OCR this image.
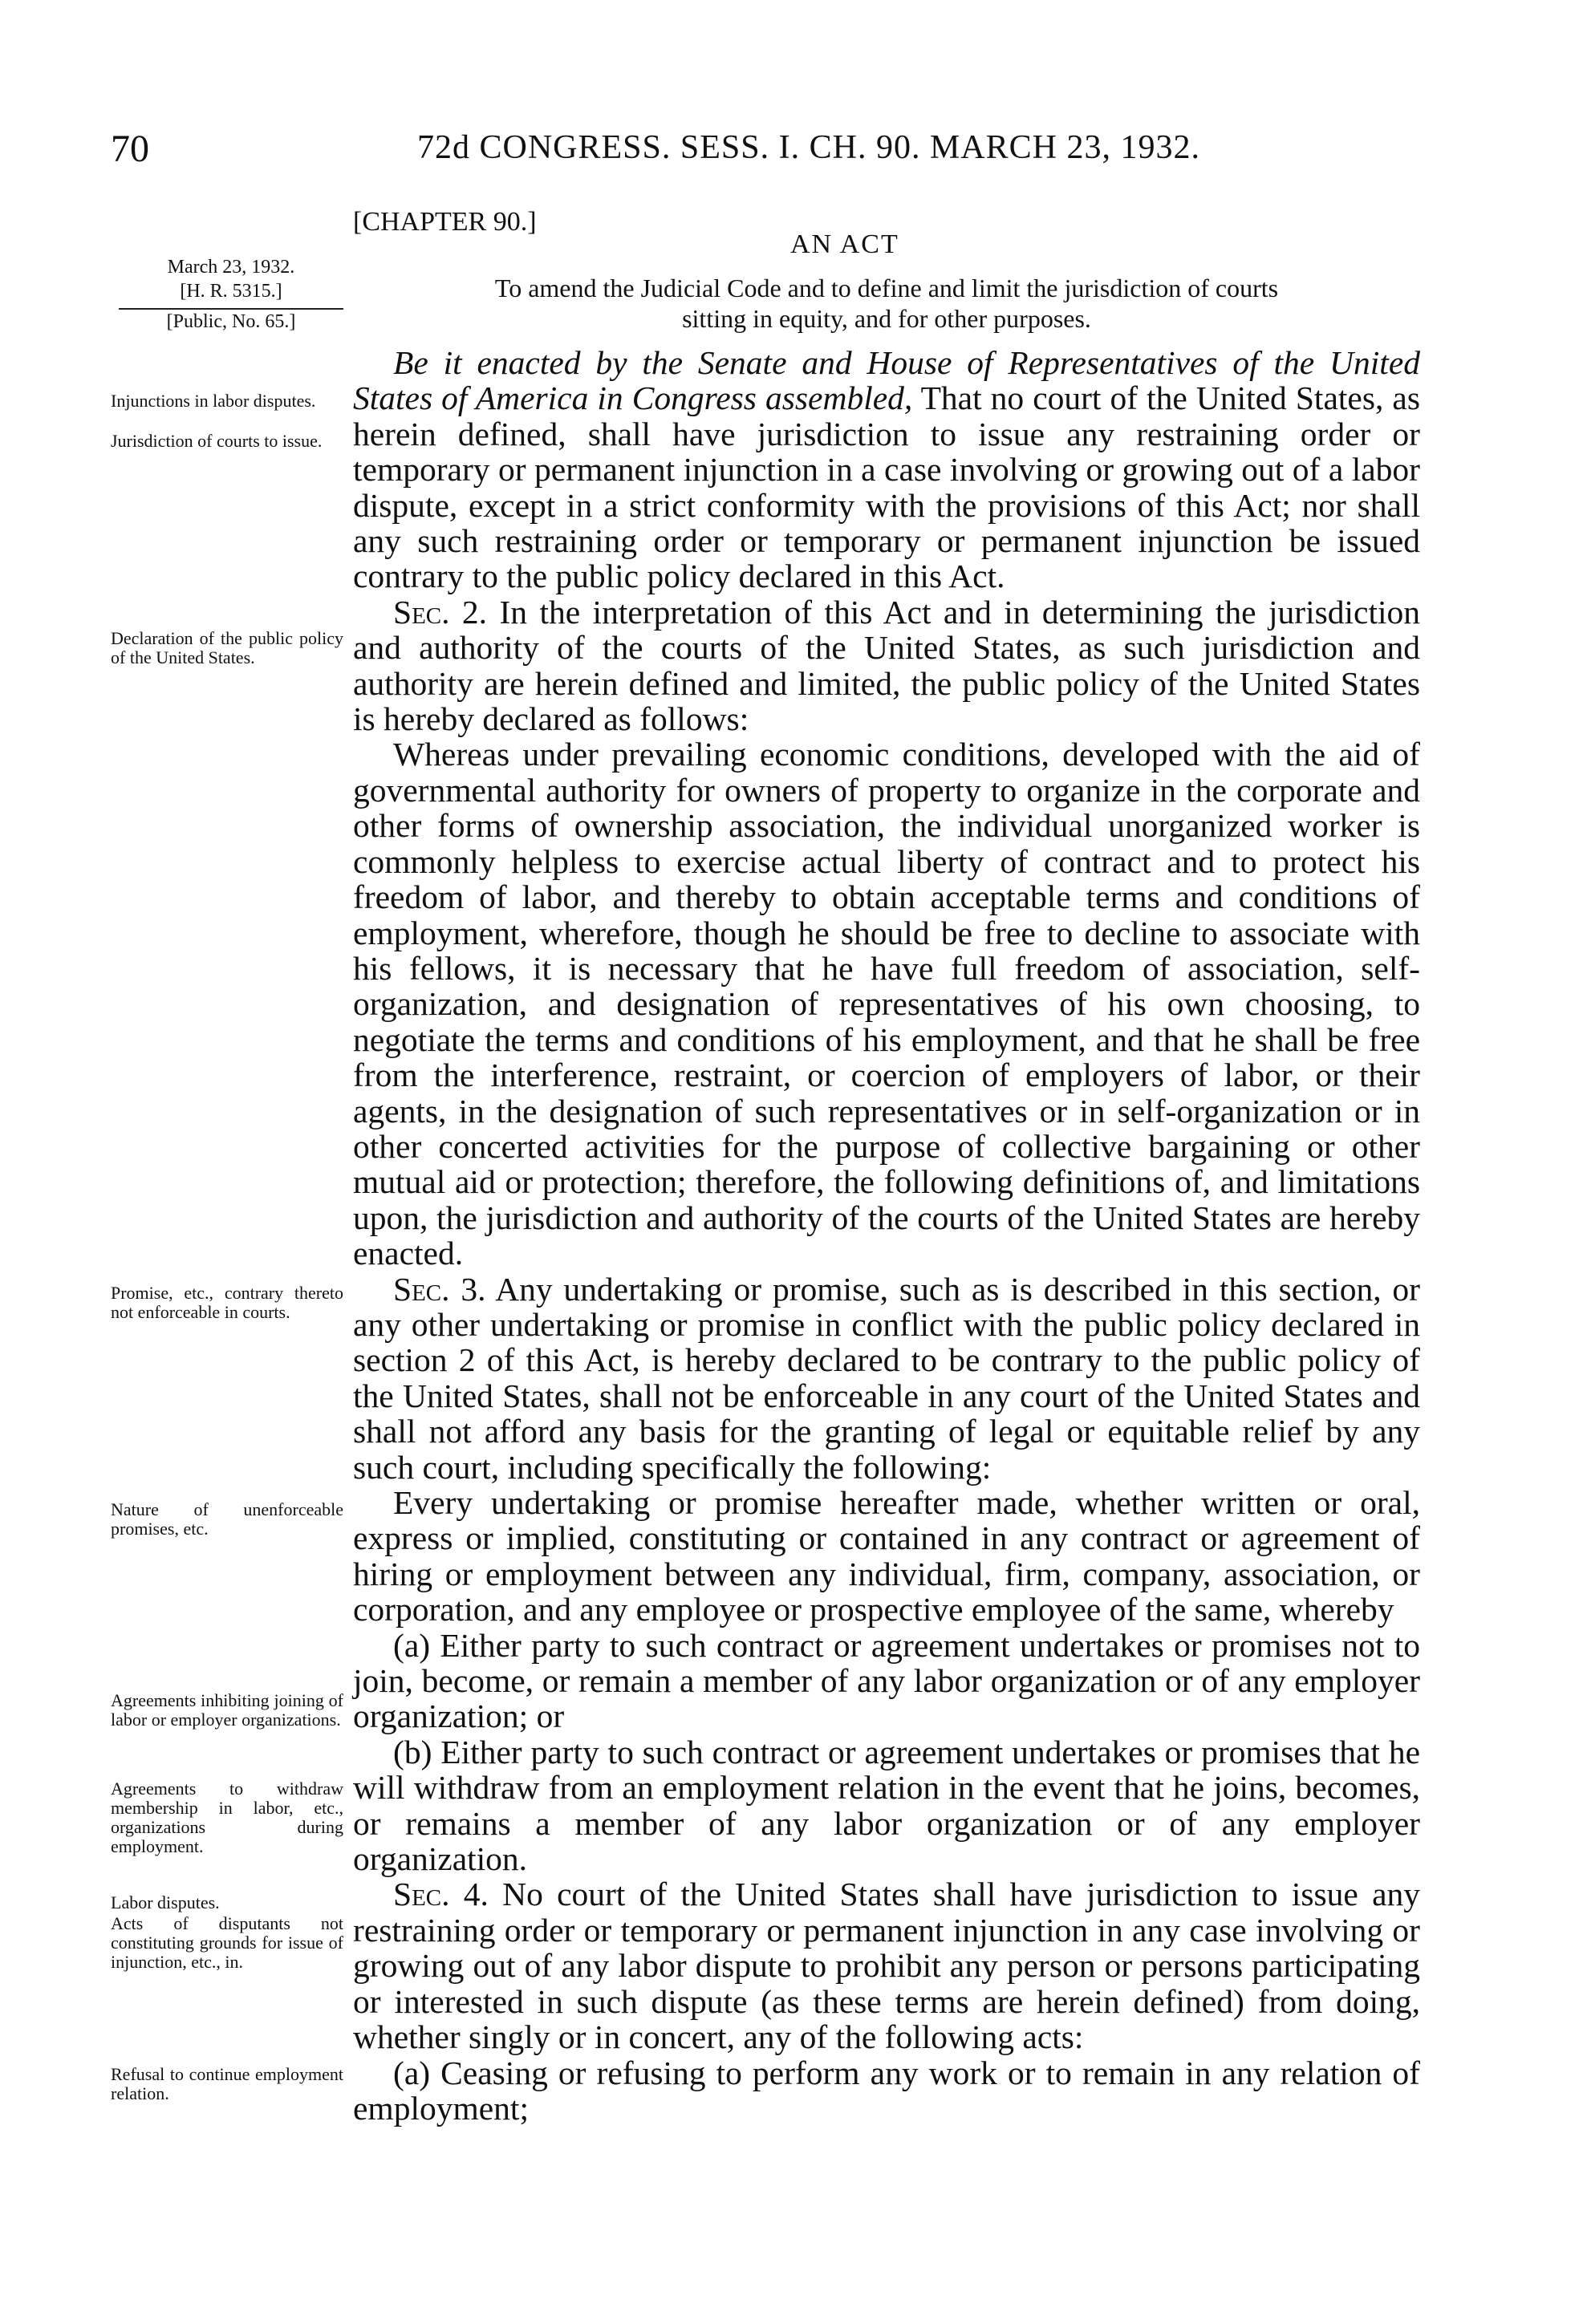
70	72d CONGRESS. SESS. I. CH. 90. MARCH 23, 1932.
[CHAPTER 90.]
AN ACT
To amend the Judicial Code and to define and limit the jurisdiction of courts
sitting in equity, and for other purposes.
March 23, 1932.
[H. R. 5315.]
[Public, No. 65.]
Injunctions in labor disputes.
Jurisdiction of courts to issue.
Declaration of the public policy of the United States.
Promise, etc., contrary thereto not enforceable in courts.
Nature of unenforceable promises, etc.
Agreements inhibiting joining of labor or employer organizations.
Agreements to withdraw membership in labor, etc., organizations during employment.
Labor disputes.
Acts of disputants not constituting grounds for issue of injunction, etc., in.
Refusal to continue employment relation.

Be it enacted by the Senate and House of Representatives of the United States of America in Congress assembled, That no court of the United States, as herein defined, shall have jurisdiction to issue any restraining order or temporary or permanent injunction in a case involving or growing out of a labor dispute, except in a strict conformity with the provisions of this Act; nor shall any such restraining order or temporary or permanent injunction be issued contrary to the public policy declared in this Act.

Sec. 2. In the interpretation of this Act and in determining the jurisdiction and authority of the courts of the United States, as such jurisdiction and authority are herein defined and limited, the public policy of the United States is hereby declared as follows:

Whereas under prevailing economic conditions, developed with the aid of governmental authority for owners of property to organize in the corporate and other forms of ownership association, the individual unorganized worker is commonly helpless to exercise actual liberty of contract and to protect his freedom of labor, and thereby to obtain acceptable terms and conditions of employment, wherefore, though he should be free to decline to associate with his fellows, it is necessary that he have full freedom of association, self-organization, and designation of representatives of his own choosing, to negotiate the terms and conditions of his employment, and that he shall be free from the interference, restraint, or coercion of employers of labor, or their agents, in the designation of such representatives or in self-organization or in other concerted activities for the purpose of collective bargaining or other mutual aid or protection; therefore, the following definitions of, and limitations upon, the jurisdiction and authority of the courts of the United States are hereby enacted.

Sec. 3. Any undertaking or promise, such as is described in this section, or any other undertaking or promise in conflict with the public policy declared in section 2 of this Act, is hereby declared to be contrary to the public policy of the United States, shall not be enforceable in any court of the United States and shall not afford any basis for the granting of legal or equitable relief by any such court, including specifically the following:

Every undertaking or promise hereafter made, whether written or oral, express or implied, constituting or contained in any contract or agreement of hiring or employment between any individual, firm, company, association, or corporation, and any employee or prospective employee of the same, whereby

(a) Either party to such contract or agreement undertakes or promises not to join, become, or remain a member of any labor organization or of any employer organization; or

(b) Either party to such contract or agreement undertakes or promises that he will withdraw from an employment relation in the event that he joins, becomes, or remains a member of any labor organization or of any employer organization.

Sec. 4. No court of the United States shall have jurisdiction to issue any restraining order or temporary or permanent injunction in any case involving or growing out of any labor dispute to prohibit any person or persons participating or interested in such dispute (as these terms are herein defined) from doing, whether singly or in concert, any of the following acts:

(a) Ceasing or refusing to perform any work or to remain in any relation of employment;
